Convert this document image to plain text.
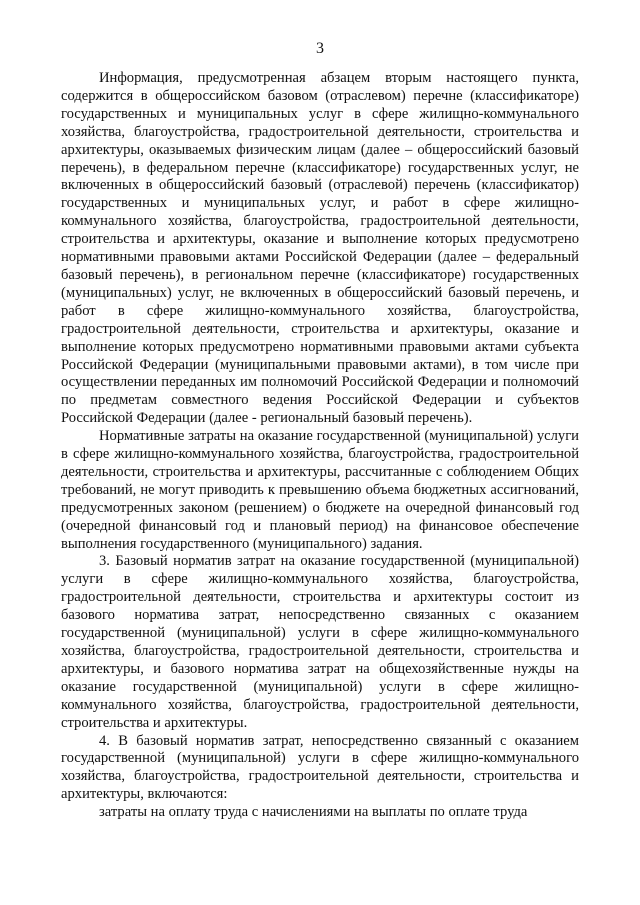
3

Информация, предусмотренная абзацем вторым настоящего пункта, содержится в общероссийском базовом (отраслевом) перечне (классификаторе) государственных и муниципальных услуг в сфере жилищно-коммунального хозяйства, благоустройства, градостроительной деятельности, строительства и архитектуры, оказываемых физическим лицам (далее – общероссийский базовый перечень), в федеральном перечне (классификаторе) государственных услуг, не включенных в общероссийский базовый (отраслевой) перечень (классификатор) государственных и муниципальных услуг, и работ в сфере жилищно-коммунального хозяйства, благоустройства, градостроительной деятельности, строительства и архитектуры, оказание и выполнение которых предусмотрено нормативными правовыми актами Российской Федерации (далее – федеральный базовый перечень), в региональном перечне (классификаторе) государственных (муниципальных) услуг, не включенных в общероссийский базовый перечень, и работ в сфере жилищно-коммунального хозяйства, благоустройства, градостроительной деятельности, строительства и архитектуры, оказание и выполнение которых предусмотрено нормативными правовыми актами субъекта Российской Федерации (муниципальными правовыми актами), в том числе при осуществлении переданных им полномочий Российской Федерации и полномочий по предметам совместного ведения Российской Федерации и субъектов Российской Федерации (далее - региональный базовый перечень).

Нормативные затраты на оказание государственной (муниципальной) услуги в сфере жилищно-коммунального хозяйства, благоустройства, градостроительной деятельности, строительства и архитектуры, рассчитанные с соблюдением Общих требований, не могут приводить к превышению объема бюджетных ассигнований, предусмотренных законом (решением) о бюджете на очередной финансовый год (очередной финансовый год и плановый период) на финансовое обеспечение выполнения государственного (муниципального) задания.

3. Базовый норматив затрат на оказание государственной (муниципальной) услуги в сфере жилищно-коммунального хозяйства, благоустройства, градостроительной деятельности, строительства и архитектуры состоит из базового норматива затрат, непосредственно связанных с оказанием государственной (муниципальной) услуги в сфере жилищно-коммунального хозяйства, благоустройства, градостроительной деятельности, строительства и архитектуры, и базового норматива затрат на общехозяйственные нужды на оказание государственной (муниципальной) услуги в сфере жилищно-коммунального хозяйства, благоустройства, градостроительной деятельности, строительства и архитектуры.

4. В базовый норматив затрат, непосредственно связанный с оказанием государственной (муниципальной) услуги в сфере жилищно-коммунального хозяйства, благоустройства, градостроительной деятельности, строительства и архитектуры, включаются:

затраты на оплату труда с начислениями на выплаты по оплате труда
